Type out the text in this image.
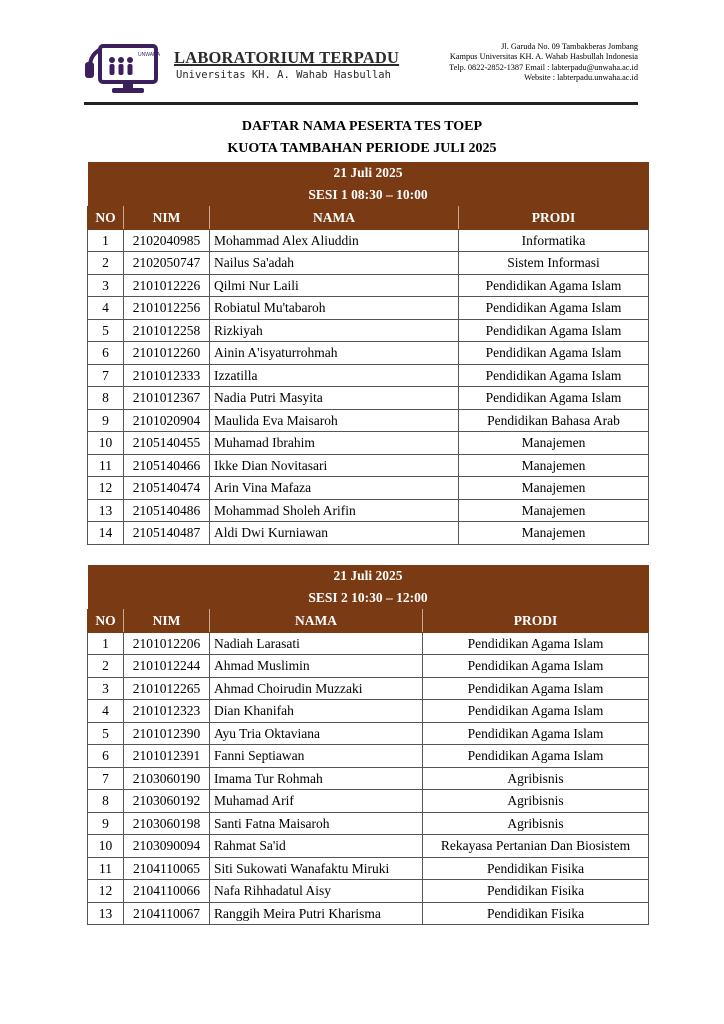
UNWAHA LABORATORIUM TERPADU
Universitas KH. A. Wahab Hasbullah
Jl. Garuda No. 09 Tambakberas Jombang
Kampus Universitas KH. A. Wahab Hasbullah Indonesia
Telp. 0822-2852-1387 Email : labterpadu@unwaha.ac.id
Website : labterpadu.unwaha.ac.id
DAFTAR NAMA PESERTA TES TOEP
KUOTA TAMBAHAN PERIODE JULI 2025
21 Juli 2025			
SESI 1 08:30 – 10:00			
NO	NIM	NAMA	PRODI
1	2102040985	Mohammad Alex Aliuddin	Informatika
2	2102050747	Nailus Sa'adah	Sistem Informasi
3	2101012226	Qilmi Nur Laili	Pendidikan Agama Islam
4	2101012256	Robiatul Mu'tabaroh	Pendidikan Agama Islam
5	2101012258	Rizkiyah	Pendidikan Agama Islam
6	2101012260	Ainin A'isyaturrohmah	Pendidikan Agama Islam
7	2101012333	Izzatilla	Pendidikan Agama Islam
8	2101012367	Nadia Putri Masyita	Pendidikan Agama Islam
9	2101020904	Maulida Eva Maisaroh	Pendidikan Bahasa Arab
10	2105140455	Muhamad Ibrahim	Manajemen
11	2105140466	Ikke Dian Novitasari	Manajemen
12	2105140474	Arin Vina Mafaza	Manajemen
13	2105140486	Mohammad Sholeh Arifin	Manajemen
14	2105140487	Aldi Dwi Kurniawan	Manajemen
21 Juli 2025			
SESI 2 10:30 – 12:00			
NO	NIM	NAMA	PRODI
1	2101012206	Nadiah Larasati	Pendidikan Agama Islam
2	2101012244	Ahmad Muslimin	Pendidikan Agama Islam
3	2101012265	Ahmad Choirudin Muzzaki	Pendidikan Agama Islam
4	2101012323	Dian Khanifah	Pendidikan Agama Islam
5	2101012390	Ayu Tria Oktaviana	Pendidikan Agama Islam
6	2101012391	Fanni Septiawan	Pendidikan Agama Islam
7	2103060190	Imama Tur Rohmah	Agribisnis
8	2103060192	Muhamad Arif	Agribisnis
9	2103060198	Santi Fatna Maisaroh	Agribisnis
10	2103090094	Rahmat Sa'id	Rekayasa Pertanian Dan Biosistem
11	2104110065	Siti Sukowati Wanafaktu Miruki	Pendidikan Fisika
12	2104110066	Nafa Rihhadatul Aisy	Pendidikan Fisika
13	2104110067	Ranggih Meira Putri Kharisma	Pendidikan Fisika
